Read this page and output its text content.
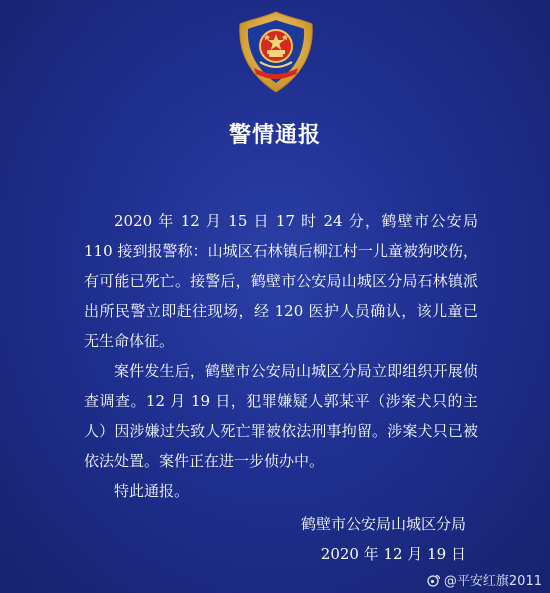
警情通报

2020 年 12 月 15 日 17 时 24 分，鹤壁市公安局 110 接到报警称：山城区石林镇后柳江村一儿童被狗咬伤，有可能已死亡。接警后，鹤壁市公安局山城区分局石林镇派出所民警立即赶往现场，经 120 医护人员确认，该儿童已无生命体征。

案件发生后，鹤壁市公安局山城区分局立即组织开展侦查调查。12 月 19 日，犯罪嫌疑人郭某平（涉案犬只的主人）因涉嫌过失致人死亡罪被依法刑事拘留。涉案犬只已被依法处置。案件正在进一步侦办中。

特此通报。

鹤壁市公安局山城区分局
2020 年 12 月 19 日
@平安红旗2011
